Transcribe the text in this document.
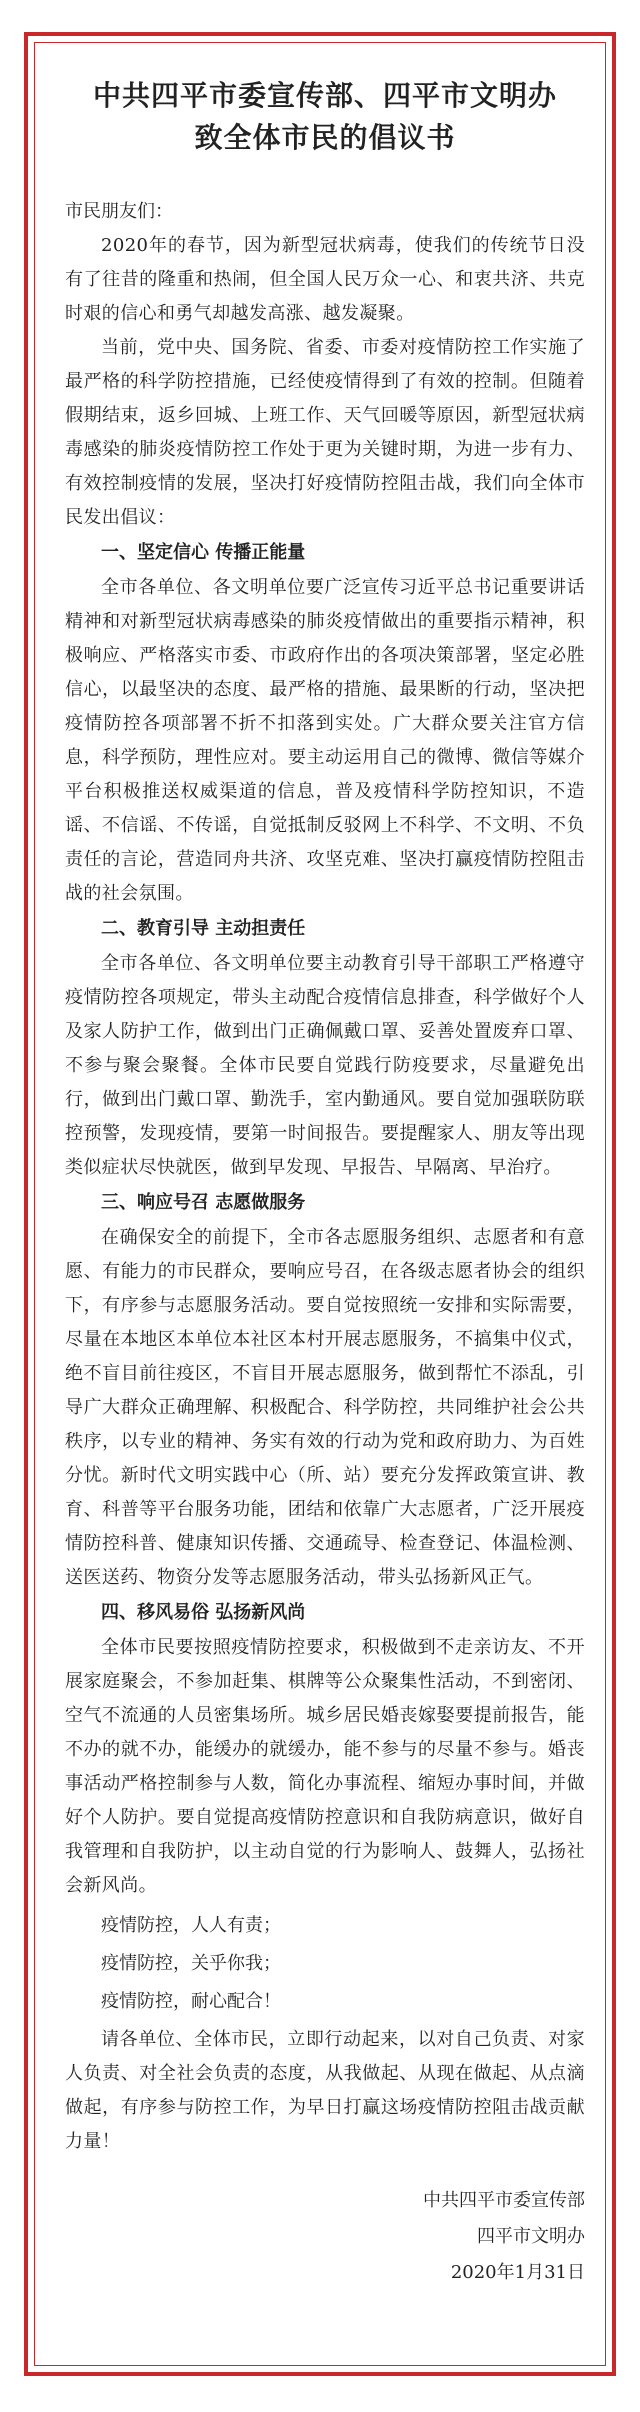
中共四平市委宣传部、四平市文明办
致全体市民的倡议书

市民朋友们：

2020年的春节，因为新型冠状病毒，使我们的传统节日没有了往昔的隆重和热闹，但全国人民万众一心、和衷共济、共克时艰的信心和勇气却越发高涨、越发凝聚。

当前，党中央、国务院、省委、市委对疫情防控工作实施了最严格的科学防控措施，已经使疫情得到了有效的控制。但随着假期结束，返乡回城、上班工作、天气回暖等原因，新型冠状病毒感染的肺炎疫情防控工作处于更为关键时期，为进一步有力、有效控制疫情的发展，坚决打好疫情防控阻击战，我们向全体市民发出倡议：

一、坚定信心 传播正能量

全市各单位、各文明单位要广泛宣传习近平总书记重要讲话精神和对新型冠状病毒感染的肺炎疫情做出的重要指示精神，积极响应、严格落实市委、市政府作出的各项决策部署，坚定必胜信心，以最坚决的态度、最严格的措施、最果断的行动，坚决把疫情防控各项部署不折不扣落到实处。广大群众要关注官方信息，科学预防，理性应对。要主动运用自己的微博、微信等媒介平台积极推送权威渠道的信息，普及疫情科学防控知识，不造谣、不信谣、不传谣，自觉抵制反驳网上不科学、不文明、不负责任的言论，营造同舟共济、攻坚克难、坚决打赢疫情防控阻击战的社会氛围。

二、教育引导 主动担责任

全市各单位、各文明单位要主动教育引导干部职工严格遵守疫情防控各项规定，带头主动配合疫情信息排查，科学做好个人及家人防护工作，做到出门正确佩戴口罩、妥善处置废弃口罩、不参与聚会聚餐。全体市民要自觉践行防疫要求，尽量避免出行，做到出门戴口罩、勤洗手，室内勤通风。要自觉加强联防联控预警，发现疫情，要第一时间报告。要提醒家人、朋友等出现类似症状尽快就医，做到早发现、早报告、早隔离、早治疗。

三、响应号召 志愿做服务

在确保安全的前提下，全市各志愿服务组织、志愿者和有意愿、有能力的市民群众，要响应号召，在各级志愿者协会的组织下，有序参与志愿服务活动。要自觉按照统一安排和实际需要，尽量在本地区本单位本社区本村开展志愿服务，不搞集中仪式，绝不盲目前往疫区，不盲目开展志愿服务，做到帮忙不添乱，引导广大群众正确理解、积极配合、科学防控，共同维护社会公共秩序，以专业的精神、务实有效的行动为党和政府助力、为百姓分忧。新时代文明实践中心（所、站）要充分发挥政策宣讲、教育、科普等平台服务功能，团结和依靠广大志愿者，广泛开展疫情防控科普、健康知识传播、交通疏导、检查登记、体温检测、送医送药、物资分发等志愿服务活动，带头弘扬新风正气。

四、移风易俗 弘扬新风尚

全体市民要按照疫情防控要求，积极做到不走亲访友、不开展家庭聚会，不参加赶集、棋牌等公众聚集性活动，不到密闭、空气不流通的人员密集场所。城乡居民婚丧嫁娶要提前报告，能不办的就不办，能缓办的就缓办，能不参与的尽量不参与。婚丧事活动严格控制参与人数，简化办事流程、缩短办事时间，并做好个人防护。要自觉提高疫情防控意识和自我防病意识，做好自我管理和自我防护，以主动自觉的行为影响人、鼓舞人，弘扬社会新风尚。

疫情防控，人人有责；

疫情防控，关乎你我；

疫情防控，耐心配合！

请各单位、全体市民，立即行动起来，以对自己负责、对家人负责、对全社会负责的态度，从我做起、从现在做起、从点滴做起，有序参与防控工作，为早日打赢这场疫情防控阻击战贡献力量！

中共四平市委宣传部

四平市文明办

2020年1月31日
